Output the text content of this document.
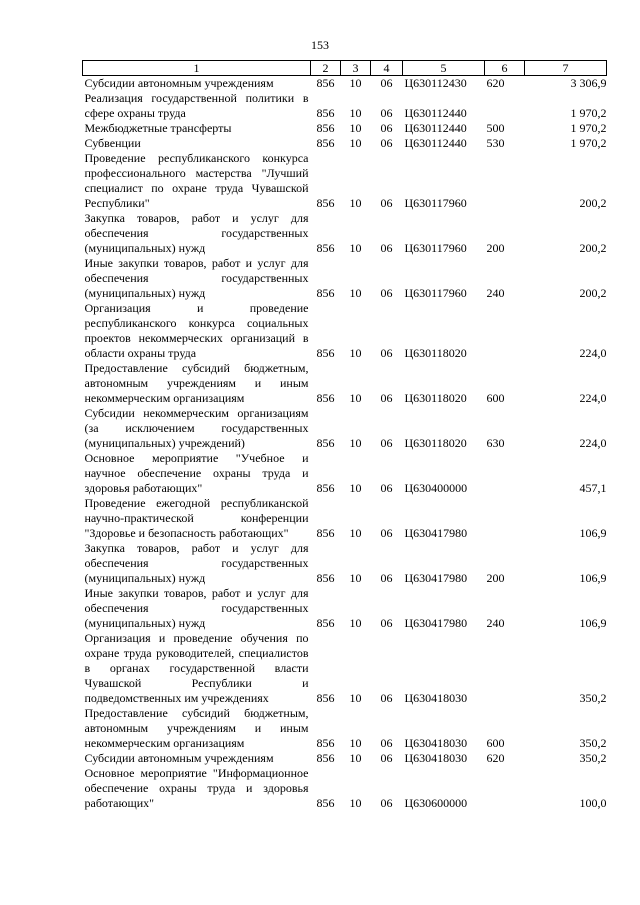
153
1	2	3	4	5	6	7
Субсидии автономным учреждениям	856	10	06	Ц630112430	620	3 306,9
Реализация государственной политики в сфере охраны труда	856	10	06	Ц630112440		1 970,2
Межбюджетные трансферты	856	10	06	Ц630112440	500	1 970,2
Субвенции	856	10	06	Ц630112440	530	1 970,2
Проведение республиканского конкурса профессионального мастерства "Лучший специалист по охране труда Чувашской Республики"	856	10	06	Ц630117960		200,2
Закупка товаров, работ и услуг для обеспечения государственных (муниципальных) нужд	856	10	06	Ц630117960	200	200,2
Иные закупки товаров, работ и услуг для обеспечения государственных (муниципальных) нужд	856	10	06	Ц630117960	240	200,2
Организация и проведение республиканского конкурса социальных проектов некоммерческих организаций в области охраны труда	856	10	06	Ц630118020		224,0
Предоставление субсидий бюджетным, автономным учреждениям и иным некоммерческим организациям	856	10	06	Ц630118020	600	224,0
Субсидии некоммерческим организациям (за исключением государственных (муниципальных) учреждений)	856	10	06	Ц630118020	630	224,0
Основное мероприятие "Учебное и научное обеспечение охраны труда и здоровья работающих"	856	10	06	Ц630400000		457,1
Проведение ежегодной республиканской научно-практической конференции "Здоровье и безопасность работающих"	856	10	06	Ц630417980		106,9
Закупка товаров, работ и услуг для обеспечения государственных (муниципальных) нужд	856	10	06	Ц630417980	200	106,9
Иные закупки товаров, работ и услуг для обеспечения государственных (муниципальных) нужд	856	10	06	Ц630417980	240	106,9
Организация и проведение обучения по охране труда руководителей, специалистов в органах государственной власти Чувашской Республики и подведомственных им учреждениях	856	10	06	Ц630418030		350,2
Предоставление субсидий бюджетным, автономным учреждениям и иным некоммерческим организациям	856	10	06	Ц630418030	600	350,2
Субсидии автономным учреждениям	856	10	06	Ц630418030	620	350,2
Основное мероприятие "Информационное обеспечение охраны труда и здоровья работающих"	856	10	06	Ц630600000		100,0
